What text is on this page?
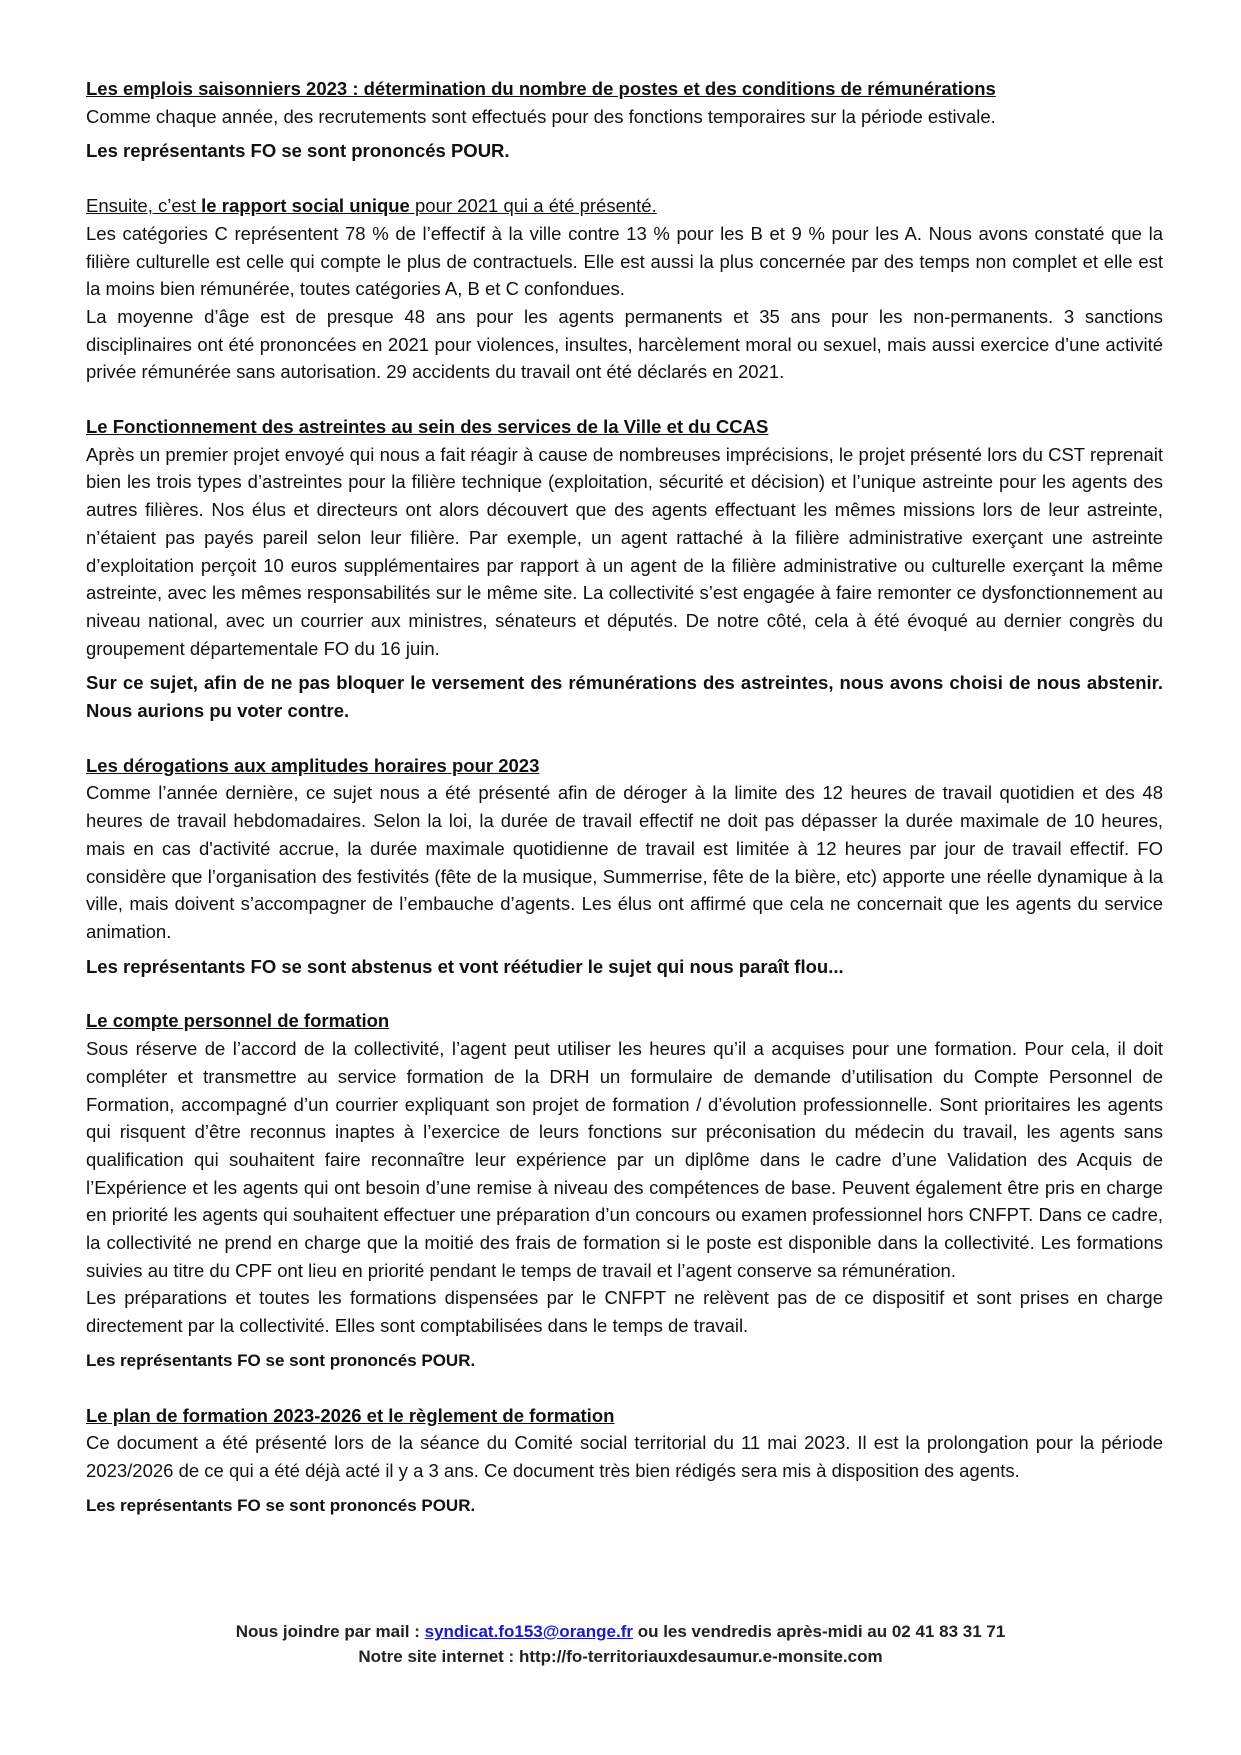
Les emplois saisonniers 2023 : détermination du nombre de postes et des conditions de rémunérations

Comme chaque année, des recrutements sont effectués pour des fonctions temporaires sur la période estivale.

Les représentants FO se sont prononcés POUR.

Ensuite, c’est le rapport social unique pour 2021 qui a été présenté.

Les catégories C représentent 78 % de l’effectif à la ville contre 13 % pour les B et 9 % pour les A. Nous avons constaté que la filière culturelle est celle qui compte le plus de contractuels. Elle est aussi la plus concernée par des temps non complet et elle est la moins bien rémunérée, toutes catégories A, B et C confondues.

La moyenne d’âge est de presque 48 ans pour les agents permanents et 35 ans pour les non-permanents. 3 sanctions disciplinaires ont été prononcées en 2021 pour violences, insultes, harcèlement moral ou sexuel, mais aussi exercice d’une activité privée rémunérée sans autorisation. 29 accidents du travail ont été déclarés en 2021.

Le Fonctionnement des astreintes au sein des services de la Ville et du CCAS

Après un premier projet envoyé qui nous a fait réagir à cause de nombreuses imprécisions, le projet présenté lors du CST reprenait bien les trois types d’astreintes pour la filière technique (exploitation, sécurité et décision) et l’unique astreinte pour les agents des autres filières. Nos élus et directeurs ont alors découvert que des agents effectuant les mêmes missions lors de leur astreinte, n’étaient pas payés pareil selon leur filière. Par exemple, un agent rattaché à la filière administrative exerçant une astreinte d’exploitation perçoit 10 euros supplémentaires par rapport à un agent de la filière administrative ou culturelle exerçant la même astreinte, avec les mêmes responsabilités sur le même site. La collectivité s’est engagée à faire remonter ce dysfonctionnement au niveau national, avec un courrier aux ministres, sénateurs et députés. De notre côté, cela à été évoqué au dernier congrès du groupement départementale FO du 16 juin.

Sur ce sujet, afin de ne pas bloquer le versement des rémunérations des astreintes, nous avons choisi de nous abstenir. Nous aurions pu voter contre.

Les dérogations aux amplitudes horaires pour 2023

Comme l’année dernière, ce sujet nous a été présenté afin de déroger à la limite des 12 heures de travail quotidien et des 48 heures de travail hebdomadaires. Selon la loi, la durée de travail effectif ne doit pas dépasser la durée maximale de 10 heures, mais en cas d'activité accrue, la durée maximale quotidienne de travail est limitée à 12 heures par jour de travail effectif. FO considère que l’organisation des festivités (fête de la musique, Summerrise, fête de la bière, etc) apporte une réelle dynamique à la ville, mais doivent s’accompagner de l’embauche d’agents. Les élus ont affirmé que cela ne concernait que les agents du service animation.

Les représentants FO se sont abstenus et vont réétudier le sujet qui nous paraît flou...

Le compte personnel de formation

Sous réserve de l’accord de la collectivité, l’agent peut utiliser les heures qu’il a acquises pour une formation. Pour cela, il doit compléter et transmettre au service formation de la DRH un formulaire de demande d’utilisation du Compte Personnel de Formation, accompagné d’un courrier expliquant son projet de formation / d’évolution professionnelle. Sont prioritaires les agents qui risquent d’être reconnus inaptes à l’exercice de leurs fonctions sur préconisation du médecin du travail, les agents sans qualification qui souhaitent faire reconnaître leur expérience par un diplôme dans le cadre d’une Validation des Acquis de l’Expérience et les agents qui ont besoin d’une remise à niveau des compétences de base. Peuvent également être pris en charge en priorité les agents qui souhaitent effectuer une préparation d’un concours ou examen professionnel hors CNFPT. Dans ce cadre, la collectivité ne prend en charge que la moitié des frais de formation si le poste est disponible dans la collectivité. Les formations suivies au titre du CPF ont lieu en priorité pendant le temps de travail et l’agent conserve sa rémunération.

Les préparations et toutes les formations dispensées par le CNFPT ne relèvent pas de ce dispositif et sont prises en charge directement par la collectivité. Elles sont comptabilisées dans le temps de travail.

Les représentants FO se sont prononcés POUR.

Le plan de formation 2023-2026 et le règlement de formation

Ce document a été présenté lors de la séance du Comité social territorial du 11 mai 2023. Il est la prolongation pour la période 2023/2026 de ce qui a été déjà acté il y a 3 ans. Ce document très bien rédigés sera mis à disposition des agents.

Les représentants FO se sont prononcés POUR.

Nous joindre par mail : syndicat.fo153@orange.fr ou les vendredis après-midi au 02 41 83 31 71
Notre site internet : http://fo-territoriauxdesaumur.e-monsite.com
